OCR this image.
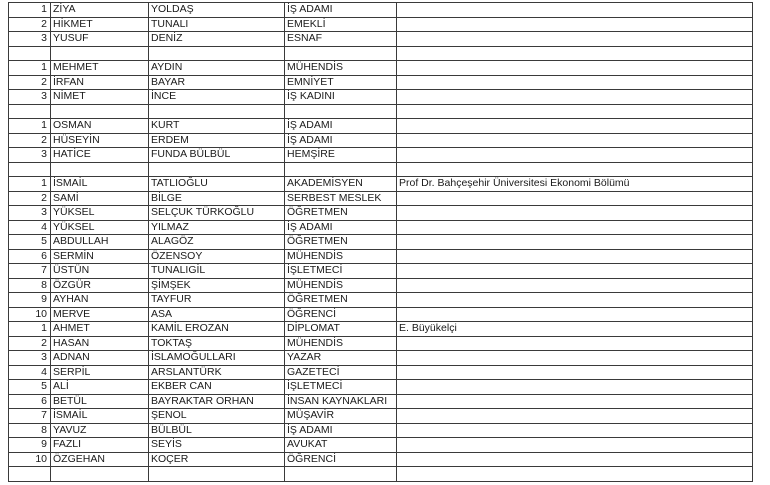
1	ZİYA	YOLDAŞ	İŞ ADAMI	
2	HİKMET	TUNALI	EMEKLİ	
3	YUSUF	DENİZ	ESNAF	

1	MEHMET	AYDIN	MÜHENDİS	
2	İRFAN	BAYAR	EMNİYET	
3	NİMET	İNCE	İŞ KADINI	

1	OSMAN	KURT	İŞ ADAMI	
2	HÜSEYİN	ERDEM	İŞ ADAMI	
3	HATİCE	FUNDA BÜLBÜL	HEMŞİRE	

1	İSMAİL	TATLIOĞLU	AKADEMİSYEN	Prof Dr. Bahçeşehir Üniversitesi Ekonomi Bölümü
2	SAMİ	BİLGE	SERBEST MESLEK	
3	YÜKSEL	SELÇUK TÜRKOĞLU	ÖĞRETMEN	
4	YÜKSEL	YILMAZ	İŞ ADAMI	
5	ABDULLAH	ALAGÖZ	ÖĞRETMEN	
6	SERMİN	ÖZENSOY	MÜHENDİS	
7	ÜSTÜN	TUNALIGİL	İŞLETMECİ	
8	ÖZGÜR	ŞİMŞEK	MÜHENDİS	
9	AYHAN	TAYFUR	ÖĞRETMEN	
10	MERVE	ASA	ÖĞRENCİ	
1	AHMET	KAMİL EROZAN	DİPLOMAT	E. Büyükelçi
2	HASAN	TOKTAŞ	MÜHENDİS	
3	ADNAN	İSLAMOĞULLARI	YAZAR	
4	SERPİL	ARSLANTÜRK	GAZETECİ	
5	ALİ	EKBER CAN	İŞLETMECİ	
6	BETÜL	BAYRAKTAR ORHAN	İNSAN KAYNAKLARI	
7	İSMAİL	ŞENOL	MÜŞAVİR	
8	YAVUZ	BÜLBÜL	İŞ ADAMI	
9	FAZLI	SEYİS	AVUKAT	
10	ÖZGEHAN	KOÇER	ÖĞRENCİ	
